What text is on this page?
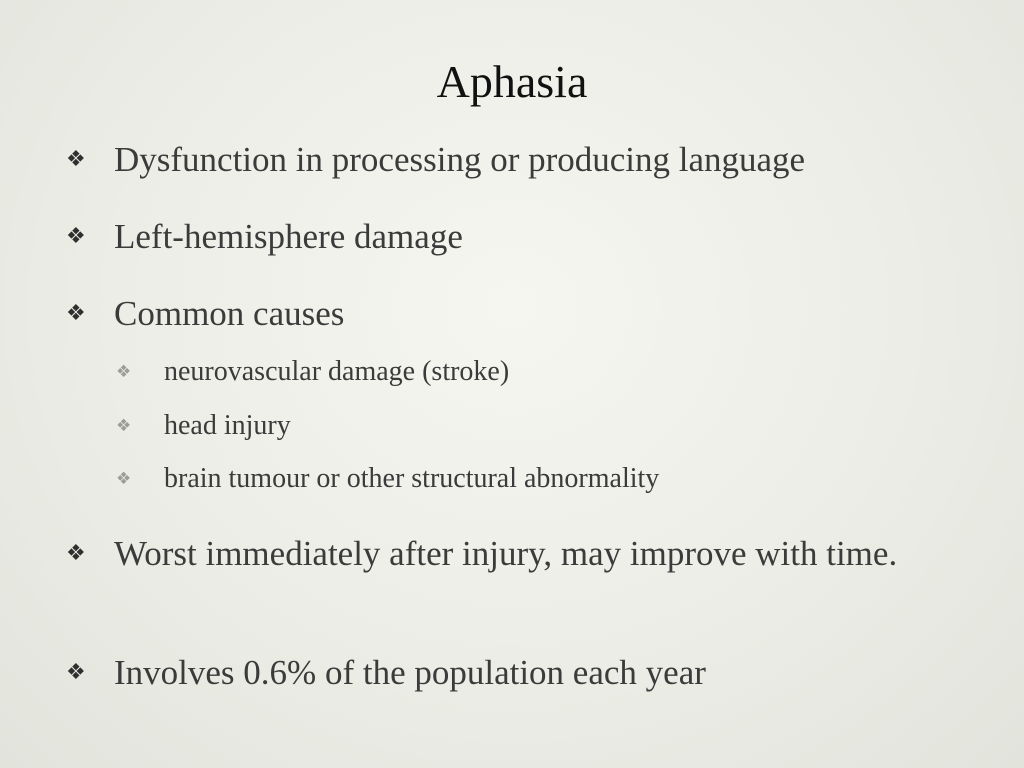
Aphasia
❖ Dysfunction in processing or producing language
❖ Left-hemisphere damage
❖ Common causes
❖	neurovascular damage (stroke)
❖	head injury
❖	brain tumour or other structural abnormality
❖ Worst immediately after injury, may improve with time.
❖ Involves 0.6% of the population each year
